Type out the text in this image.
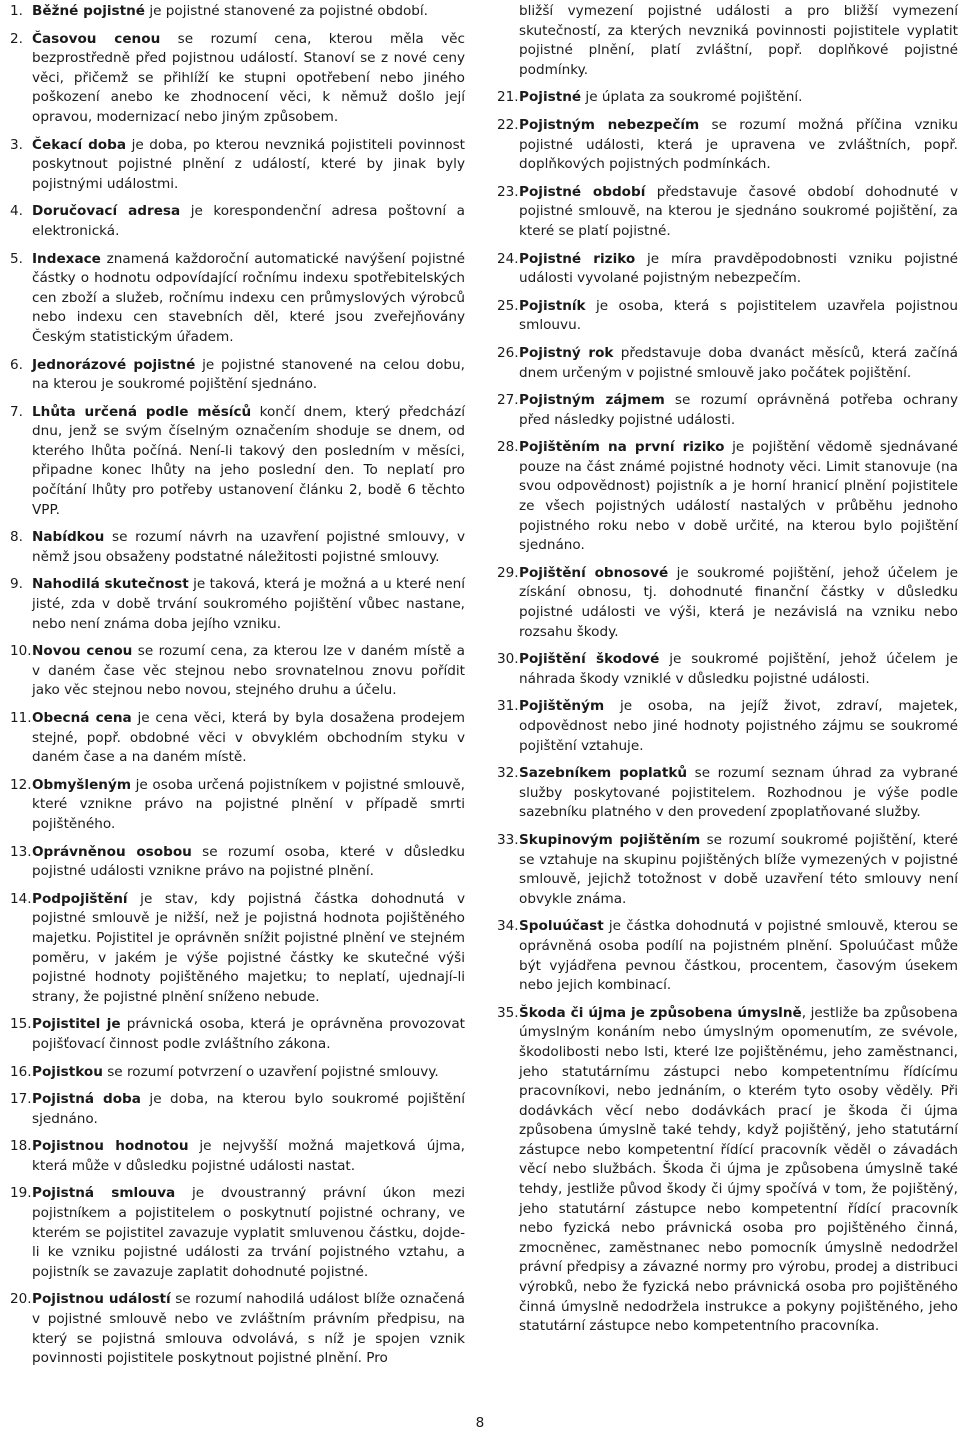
1. Běžné pojistné je pojistné stanovené za pojistné období.
2. Časovou cenou se rozumí cena, kterou měla věc bezprostředně před pojistnou událostí. Stanoví se z nové ceny věci, přičemž se přihlíží ke stupni opotřebení nebo jiného poškození anebo ke zhodnocení věci, k němuž došlo její opravou, modernizací nebo jiným způsobem.
3. Čekací doba je doba, po kterou nevzniká pojistiteli povinnost poskytnout pojistné plnění z událostí, které by jinak byly pojistnými událostmi.
4. Doručovací adresa je korespondenční adresa poštovní a elektronická.
5. Indexace znamená každoroční automatické navýšení pojistné částky o hodnotu odpovídající ročnímu indexu spotřebitelských cen zboží a služeb, ročnímu indexu cen průmyslových výrobců nebo indexu cen stavebních děl, které jsou zveřejňovány Českým statistickým úřadem.
6. Jednorázové pojistné je pojistné stanovené na celou dobu, na kterou je soukromé pojištění sjednáno.
7. Lhůta určená podle měsíců končí dnem, který předchází dnu, jenž se svým číselným označením shoduje se dnem, od kterého lhůta počíná. Není-li takový den posledním v měsíci, připadne konec lhůty na jeho poslední den. To neplatí pro počítání lhůty pro potřeby ustanovení článku 2, bodě 6 těchto VPP.
8. Nabídkou se rozumí návrh na uzavření pojistné smlouvy, v němž jsou obsaženy podstatné náležitosti pojistné smlouvy.
9. Nahodilá skutečnost je taková, která je možná a u které není jisté, zda v době trvání soukromého pojištění vůbec nastane, nebo není známa doba jejího vzniku.
10. Novou cenou se rozumí cena, za kterou lze v daném místě a v daném čase věc stejnou nebo srovnatelnou znovu pořídit jako věc stejnou nebo novou, stejného druhu a účelu.
11. Obecná cena je cena věci, která by byla dosažena prodejem stejné, popř. obdobné věci v obvyklém obchodním styku v daném čase a na daném místě.
12. Obmyšleným je osoba určená pojistníkem v pojistné smlouvě, které vznikne právo na pojistné plnění v případě smrti pojištěného.
13. Oprávněnou osobou se rozumí osoba, které v důsledku pojistné události vznikne právo na pojistné plnění.
14. Podpojištění je stav, kdy pojistná částka dohodnutá v pojistné smlouvě je nižší, než je pojistná hodnota pojištěného majetku. Pojistitel je oprávněn snížit pojistné plnění ve stejném poměru, v jakém je výše pojistné částky ke skutečné výši pojistné hodnoty pojištěného majetku; to neplatí, ujednají-li strany, že pojistné plnění sníženo nebude.
15. Pojistitel je právnická osoba, která je oprávněna provozovat pojišťovací činnost podle zvláštního zákona.
16. Pojistkou se rozumí potvrzení o uzavření pojistné smlouvy.
17. Pojistná doba je doba, na kterou bylo soukromé pojištění sjednáno.
18. Pojistnou hodnotou je nejvyšší možná majetková újma, která může v důsledku pojistné události nastat.
19. Pojistná smlouva je dvoustranný právní úkon mezi pojistníkem a pojistitelem o poskytnutí pojistné ochrany, ve kterém se pojistitel zavazuje vyplatit smluvenou částku, dojde-li ke vzniku pojistné události za trvání pojistného vztahu, a pojistník se zavazuje zaplatit dohodnuté pojistné.
20. Pojistnou událostí se rozumí nahodilá událost blíže označená v pojistné smlouvě nebo ve zvláštním právním předpisu, na který se pojistná smlouva odvolává, s níž je spojen vznik povinnosti pojistitele poskytnout pojistné plnění. Pro
bližší vymezení pojistné události a pro bližší vymezení skutečností, za kterých nevzniká povinnosti pojistitele vyplatit pojistné plnění, platí zvláštní, popř. doplňkové pojistné podmínky.
21. Pojistné je úplata za soukromé pojištění.
22. Pojistným nebezpečím se rozumí možná příčina vzniku pojistné události, která je upravena ve zvláštních, popř. doplňkových pojistných podmínkách.
23. Pojistné období představuje časové období dohodnuté v pojistné smlouvě, na kterou je sjednáno soukromé pojištění, za které se platí pojistné.
24. Pojistné riziko je míra pravděpodobnosti vzniku pojistné události vyvolané pojistným nebezpečím.
25. Pojistník je osoba, která s pojistitelem uzavřela pojistnou smlouvu.
26. Pojistný rok představuje doba dvanáct měsíců, která začíná dnem určeným v pojistné smlouvě jako počátek pojištění.
27. Pojistným zájmem se rozumí oprávněná potřeba ochrany před následky pojistné události.
28. Pojištěním na první riziko je pojištění vědomě sjednávané pouze na část známé pojistné hodnoty věci. Limit stanovuje (na svou odpovědnost) pojistník a je horní hranicí plnění pojistitele ze všech pojistných událostí nastalých v průběhu jednoho pojistného roku nebo v době určité, na kterou bylo pojištění sjednáno.
29. Pojištění obnosové je soukromé pojištění, jehož účelem je získání obnosu, tj. dohodnuté finanční částky v důsledku pojistné události ve výši, která je nezávislá na vzniku nebo rozsahu škody.
30. Pojištění škodové je soukromé pojištění, jehož účelem je náhrada škody vzniklé v důsledku pojistné události.
31. Pojištěným je osoba, na jejíž život, zdraví, majetek, odpovědnost nebo jiné hodnoty pojistného zájmu se soukromé pojištění vztahuje.
32. Sazebníkem poplatků se rozumí seznam úhrad za vybrané služby poskytované pojistitelem. Rozhodnou je výše podle sazebníku platného v den provedení zpoplatňované služby.
33. Skupinovým pojištěním se rozumí soukromé pojištění, které se vztahuje na skupinu pojištěných blíže vymezených v pojistné smlouvě, jejichž totožnost v době uzavření této smlouvy není obvykle známa.
34. Spoluúčast je částka dohodnutá v pojistné smlouvě, kterou se oprávněná osoba podílí na pojistném plnění. Spoluúčast může být vyjádřena pevnou částkou, procentem, časovým úsekem nebo jejich kombinací.
35. Škoda či újma je způsobena úmyslně, jestliže ba způsobena úmyslným konáním nebo úmyslným opomenutím, ze svévole, škodolibosti nebo lsti, které lze pojištěnému, jeho zaměstnanci, jeho statutárnímu zástupci nebo kompetentnímu řídícímu pracovníkovi, nebo jednáním, o kterém tyto osoby věděly. Při dodávkách věcí nebo dodávkách prací je škoda či újma způsobena úmyslně také tehdy, když pojištěný, jeho statutární zástupce nebo kompetentní řídící pracovník věděl o závadách věcí nebo službách. Škoda či újma je způsobena úmyslně také tehdy, jestliže původ škody či újmy spočívá v tom, že pojištěný, jeho statutární zástupce nebo kompetentní řídící pracovník nebo fyzická nebo právnická osoba pro pojištěného činná, zmocněnec, zaměstnanec nebo pomocník úmyslně nedodržel právní předpisy a závazné normy pro výrobu, prodej a distribuci výrobků, nebo že fyzická nebo právnická osoba pro pojištěného činná úmyslně nedodržela instrukce a pokyny pojištěného, jeho statutární zástupce nebo kompetentního pracovníka.
8
